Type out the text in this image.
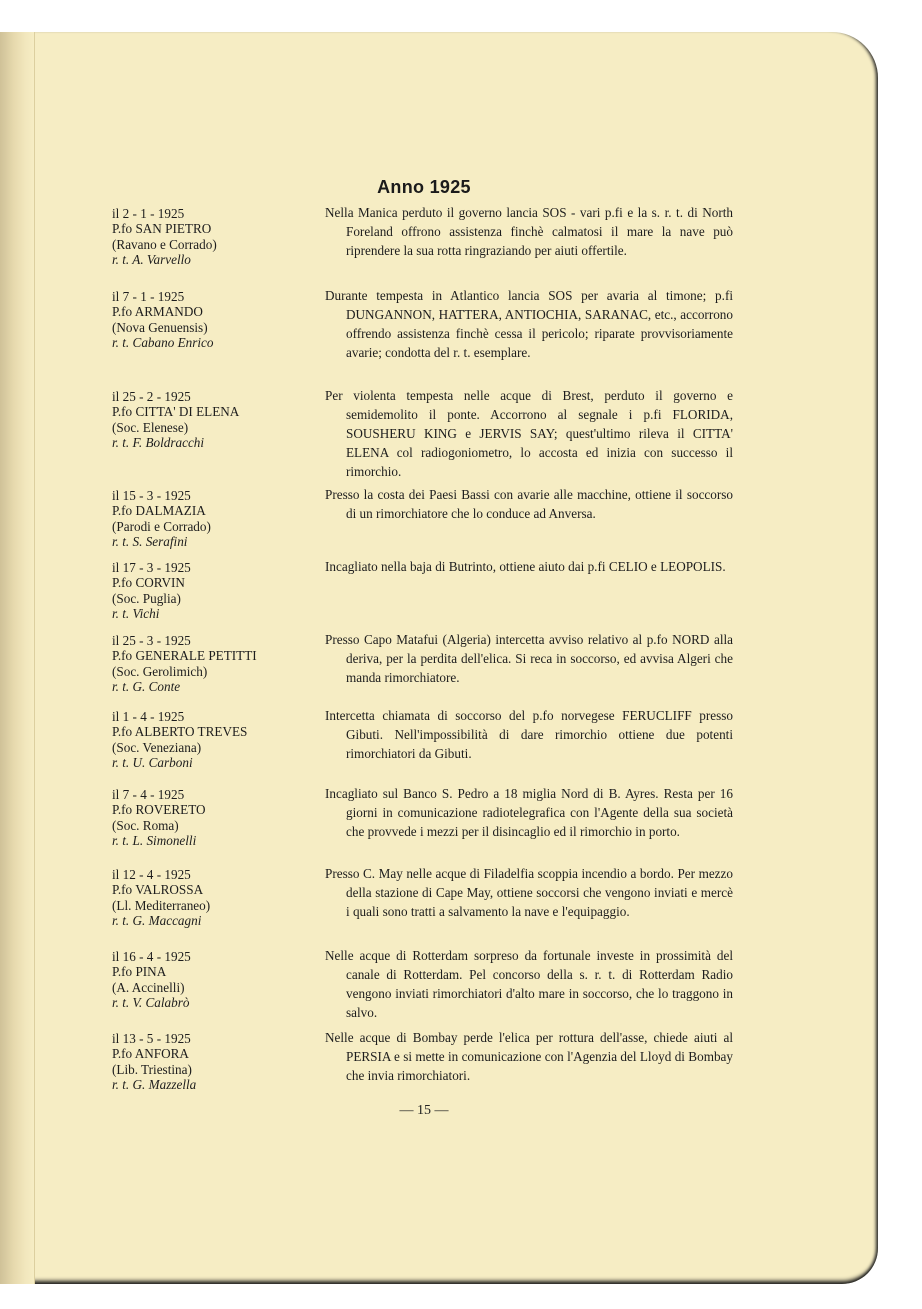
Anno 1925
il 2 - 1 - 1925
P.fo SAN PIETRO
(Ravano e Corrado)
r. t. A. Varvello

Nella Manica perduto il governo lancia SOS - vari p.fi e la s. r. t. di North Foreland offrono assistenza finchè calmatosi il mare la nave può riprendere la sua rotta ringraziando per aiuti offertile.

il 7 - 1 - 1925
P.fo ARMANDO
(Nova Genuensis)
r. t. Cabano Enrico

Durante tempesta in Atlantico lancia SOS per avaria al timone; p.fi DUNGANNON, HATTERA, ANTIOCHIA, SARANAC, etc., accorrono offrendo assistenza finchè cessa il pericolo; riparate provvisoriamente avarie; condotta del r. t. esemplare.

il 25 - 2 - 1925
P.fo CITTA' DI ELENA
(Soc. Elenese)
r. t. F. Boldracchi

Per violenta tempesta nelle acque di Brest, perduto il governo e semidemolito il ponte. Accorrono al segnale i p.fi FLORIDA, SOUSHERU KING e JERVIS SAY; quest'ultimo rileva il CITTA' ELENA col radiogoniometro, lo accosta ed inizia con successo il rimorchio.

il 15 - 3 - 1925
P.fo DALMAZIA
(Parodi e Corrado)
r. t. S. Serafini

Presso la costa dei Paesi Bassi con avarie alle macchine, ottiene il soccorso di un rimorchiatore che lo conduce ad Anversa.

il 17 - 3 - 1925
P.fo CORVIN
(Soc. Puglia)
r. t. Vichi

Incagliato nella baja di Butrinto, ottiene aiuto dai p.fi CELIO e LEOPOLIS.

il 25 - 3 - 1925
P.fo GENERALE PETITTI
(Soc. Gerolimich)
r. t. G. Conte

Presso Capo Matafui (Algeria) intercetta avviso relativo al p.fo NORD alla deriva, per la perdita dell'elica. Si reca in soccorso, ed avvisa Algeri che manda rimorchiatore.

il 1 - 4 - 1925
P.fo ALBERTO TREVES
(Soc. Veneziana)
r. t. U. Carboni

Intercetta chiamata di soccorso del p.fo norvegese FERUCLIFF presso Gibuti. Nell'impossibilità di dare rimorchio ottiene due potenti rimorchiatori da Gibuti.

il 7 - 4 - 1925
P.fo ROVERETO
(Soc. Roma)
r. t. L. Simonelli

Incagliato sul Banco S. Pedro a 18 miglia Nord di B. Ayres. Resta per 16 giorni in comunicazione radiotelegrafica con l'Agente della sua società che provvede i mezzi per il disincaglio ed il rimorchio in porto.

il 12 - 4 - 1925
P.fo VALROSSA
(Ll. Mediterraneo)
r. t. G. Maccagni

Presso C. May nelle acque di Filadelfia scoppia incendio a bordo. Per mezzo della stazione di Cape May, ottiene soccorsi che vengono inviati e mercè i quali sono tratti a salvamento la nave e l'equipaggio.

il 16 - 4 - 1925
P.fo PINA
(A. Accinelli)
r. t. V. Calabrò

Nelle acque di Rotterdam sorpreso da fortunale investe in prossimità del canale di Rotterdam. Pel concorso della s. r. t. di Rotterdam Radio vengono inviati rimorchiatori d'alto mare in soccorso, che lo traggono in salvo.

il 13 - 5 - 1925
P.fo ANFORA
(Lib. Triestina)
r. t. G. Mazzella

Nelle acque di Bombay perde l'elica per rottura dell'asse, chiede aiuti al PERSIA e si mette in comunicazione con l'Agenzia del Lloyd di Bombay che invia rimorchiatori.

— 15 —
